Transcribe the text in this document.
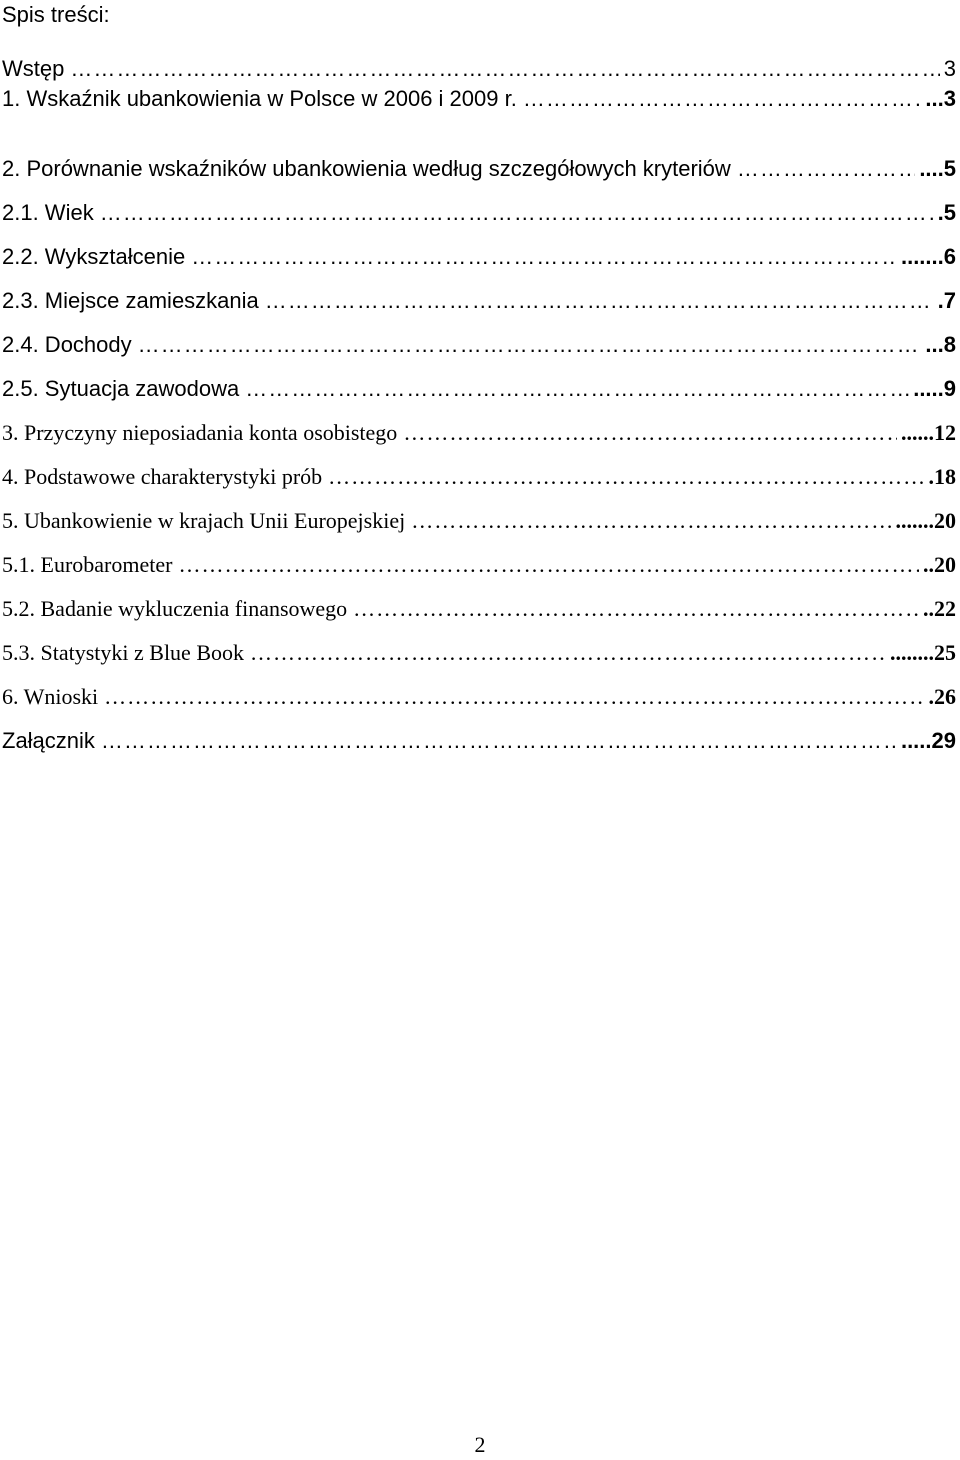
Spis treści:
Wstęp ………………………………………………………………………………………………………………………………………………………………………………	3
1. Wskaźnik ubankowienia w Polsce w 2006 i 2009 r. ………………………………………………………………………………………………………………………………………………………………………………	...3
2. Porównanie wskaźników ubankowienia według szczegółowych kryteriów ………………………………………………………………………………………………………………………………………………………………………………	....5
2.1. Wiek ………………………………………………………………………………………………………………………………………………………………………………	.5
2.2. Wykształcenie ………………………………………………………………………………………………………………………………………………………………………………	.......6
2.3. Miejsce zamieszkania ………………………………………………………………………………………………………………………………………………………………………………	.7
2.4. Dochody ………………………………………………………………………………………………………………………………………………………………………………	...8
2.5. Sytuacja zawodowa ………………………………………………………………………………………………………………………………………………………………………………	.....9
3. Przyczyny nieposiadania konta osobistego ………………………………………………………………………………………………………………………………………………………………………………	......12
4. Podstawowe charakterystyki prób ………………………………………………………………………………………………………………………………………………………………………………	.18
5. Ubankowienie w krajach Unii Europejskiej ………………………………………………………………………………………………………………………………………………………………………………	.......20
5.1. Eurobarometer ………………………………………………………………………………………………………………………………………………………………………………	..20
5.2. Badanie wykluczenia finansowego ………………………………………………………………………………………………………………………………………………………………………………	..22
5.3. Statystyki z Blue Book ………………………………………………………………………………………………………………………………………………………………………………	........25
6. Wnioski ………………………………………………………………………………………………………………………………………………………………………………	.26
Załącznik ………………………………………………………………………………………………………………………………………………………………………………	.....29
2
